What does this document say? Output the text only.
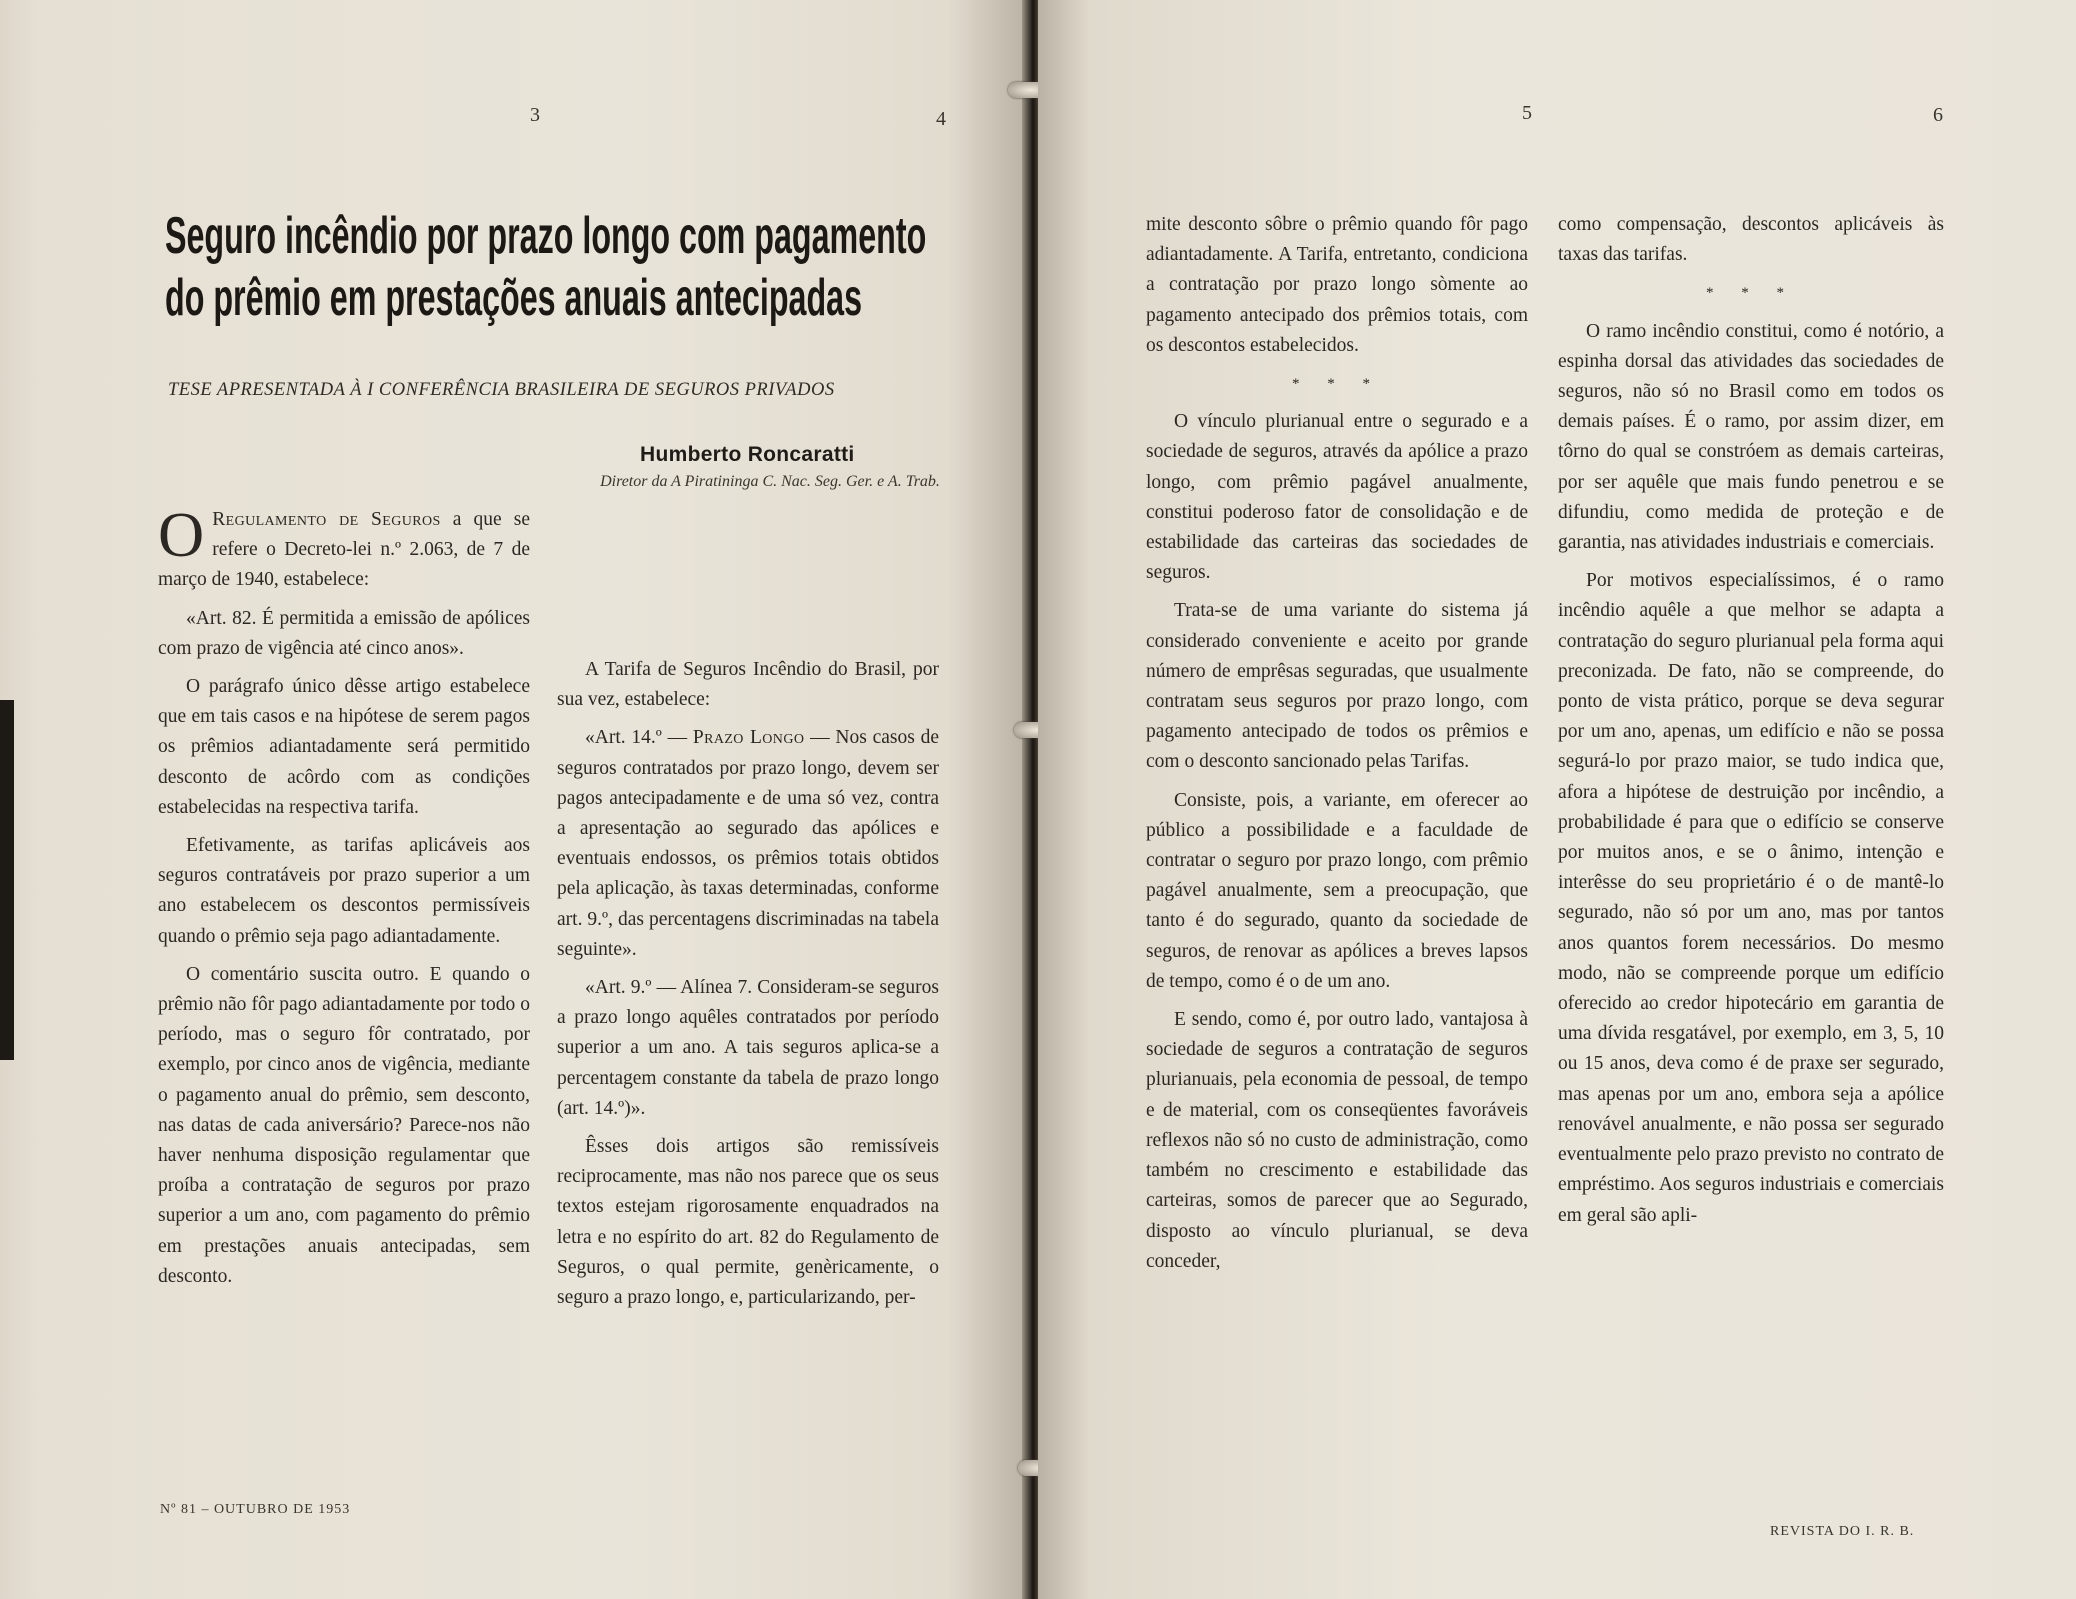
3	4
Seguro incêndio por prazo longo com pagamento
do prêmio em prestações anuais antecipadas
TESE APRESENTADA À I CONFERÊNCIA BRASILEIRA DE SEGUROS PRIVADOS
Humberto Roncaratti
Diretor da A Piratininga C. Nac. Seg. Ger. e A. Trab.

O Regulamento de Seguros a que se refere o Decreto-lei n.º 2.063, de 7 de março de 1940, estabelece:

«Art. 82. É permitida a emissão de apólices com prazo de vigência até cinco anos».

O parágrafo único dêsse artigo estabelece que em tais casos e na hipótese de serem pagos os prêmios adiantadamente será permitido desconto de acôrdo com as condições estabelecidas na respectiva tarifa.

Efetivamente, as tarifas aplicáveis aos seguros contratáveis por prazo superior a um ano estabelecem os descontos permissíveis quando o prêmio seja pago adiantadamente.

O comentário suscita outro. E quando o prêmio não fôr pago adiantadamente por todo o período, mas o seguro fôr contratado, por exemplo, por cinco anos de vigência, mediante o pagamento anual do prêmio, sem desconto, nas datas de cada aniversário? Parece-nos não haver nenhuma disposição regulamentar que proíba a contratação de seguros por prazo superior a um ano, com pagamento do prêmio em prestações anuais antecipadas, sem desconto.

A Tarifa de Seguros Incêndio do Brasil, por sua vez, estabelece:

«Art. 14.º — Prazo Longo — Nos casos de seguros contratados por prazo longo, devem ser pagos antecipadamente e de uma só vez, contra a apresentação ao segurado das apólices e eventuais endossos, os prêmios totais obtidos pela aplicação, às taxas determinadas, conforme art. 9.º, das percentagens discriminadas na tabela seguinte».

«Art. 9.º — Alínea 7. Consideram-se seguros a prazo longo aquêles contratados por período superior a um ano. A tais seguros aplica-se a percentagem constante da tabela de prazo longo (art. 14.º)».

Êsses dois artigos são remissíveis reciprocamente, mas não nos parece que os seus textos estejam rigorosamente enquadrados na letra e no espírito do art. 82 do Regulamento de Seguros, o qual permite, genèricamente, o seguro a prazo longo, e, particularizando, per-

Nº 81 – OUTUBRO DE 1953
5	6

mite desconto sôbre o prêmio quando fôr pago adiantadamente. A Tarifa, entretanto, condiciona a contratação por prazo longo sòmente ao pagamento antecipado dos prêmios totais, com os descontos estabelecidos.

* * *

O vínculo plurianual entre o segurado e a sociedade de seguros, através da apólice a prazo longo, com prêmio pagável anualmente, constitui poderoso fator de consolidação e de estabilidade das carteiras das sociedades de seguros.

Trata-se de uma variante do sistema já considerado conveniente e aceito por grande número de emprêsas seguradas, que usualmente contratam seus seguros por prazo longo, com pagamento antecipado de todos os prêmios e com o desconto sancionado pelas Tarifas.

Consiste, pois, a variante, em oferecer ao público a possibilidade e a faculdade de contratar o seguro por prazo longo, com prêmio pagável anualmente, sem a preocupação, que tanto é do segurado, quanto da sociedade de seguros, de renovar as apólices a breves lapsos de tempo, como é o de um ano.

E sendo, como é, por outro lado, vantajosa à sociedade de seguros a contratação de seguros plurianuais, pela economia de pessoal, de tempo e de material, com os conseqüentes favoráveis reflexos não só no custo de administração, como também no crescimento e estabilidade das carteiras, somos de parecer que ao Segurado, disposto ao vínculo plurianual, se deva conceder,

como compensação, descontos aplicáveis às taxas das tarifas.

* * *

O ramo incêndio constitui, como é notório, a espinha dorsal das atividades das sociedades de seguros, não só no Brasil como em todos os demais países. É o ramo, por assim dizer, em tôrno do qual se constróem as demais carteiras, por ser aquêle que mais fundo penetrou e se difundiu, como medida de proteção e de garantia, nas atividades industriais e comerciais.

Por motivos especialíssimos, é o ramo incêndio aquêle a que melhor se adapta a contratação do seguro plurianual pela forma aqui preconizada. De fato, não se compreende, do ponto de vista prático, porque se deva segurar por um ano, apenas, um edifício e não se possa segurá-lo por prazo maior, se tudo indica que, afora a hipótese de destruição por incêndio, a probabilidade é para que o edifício se conserve por muitos anos, e se o ânimo, intenção e interêsse do seu proprietário é o de mantê-lo segurado, não só por um ano, mas por tantos anos quantos forem necessários. Do mesmo modo, não se compreende porque um edifício oferecido ao credor hipotecário em garantia de uma dívida resgatável, por exemplo, em 3, 5, 10 ou 15 anos, deva como é de praxe ser segurado, mas apenas por um ano, embora seja a apólice renovável anualmente, e não possa ser segurado eventualmente pelo prazo previsto no contrato de empréstimo. Aos seguros industriais e comerciais em geral são apli-

REVISTA DO I. R. B.
